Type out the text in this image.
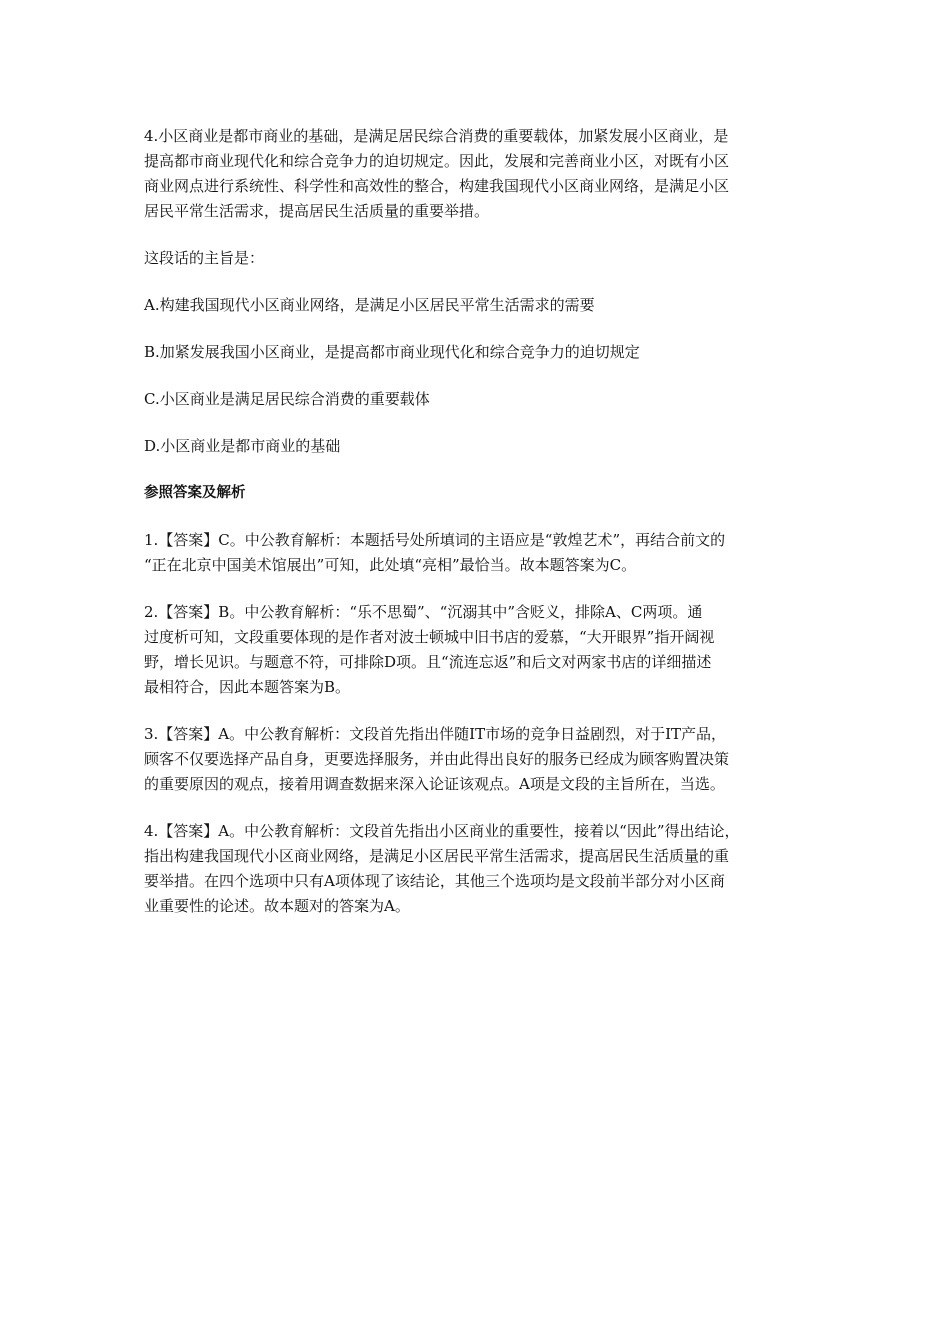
4.小区商业是都市商业的基础，是满足居民综合消费的重要载体，加紧发展小区商业，是
提高都市商业现代化和综合竞争力的迫切规定。因此，发展和完善商业小区，对既有小区
商业网点进行系统性、科学性和高效性的整合，构建我国现代小区商业网络，是满足小区
居民平常生活需求，提高居民生活质量的重要举措。

这段话的主旨是：

A.构建我国现代小区商业网络，是满足小区居民平常生活需求的需要

B.加紧发展我国小区商业，是提高都市商业现代化和综合竞争力的迫切规定

C.小区商业是满足居民综合消费的重要载体

D.小区商业是都市商业的基础

参照答案及解析

1.【答案】C。中公教育解析：本题括号处所填词的主语应是“敦煌艺术”，再结合前文的
“正在北京中国美术馆展出”可知，此处填“亮相”最恰当。故本题答案为C。

2.【答案】B。中公教育解析：“乐不思蜀”、“沉溺其中”含贬义，排除A、C两项。通
过度析可知，文段重要体现的是作者对波士顿城中旧书店的爱慕，“大开眼界”指开阔视
野，增长见识。与题意不符，可排除D项。且“流连忘返”和后文对两家书店的详细描述
最相符合，因此本题答案为B。

3.【答案】A。中公教育解析：文段首先指出伴随IT市场的竞争日益剧烈，对于IT产品，
顾客不仅要选择产品自身，更要选择服务，并由此得出良好的服务已经成为顾客购置决策
的重要原因的观点，接着用调查数据来深入论证该观点。A项是文段的主旨所在，当选。

4.【答案】A。中公教育解析：文段首先指出小区商业的重要性，接着以“因此”得出结论，
指出构建我国现代小区商业网络，是满足小区居民平常生活需求，提高居民生活质量的重
要举措。在四个选项中只有A项体现了该结论，其他三个选项均是文段前半部分对小区商
业重要性的论述。故本题对的答案为A。
